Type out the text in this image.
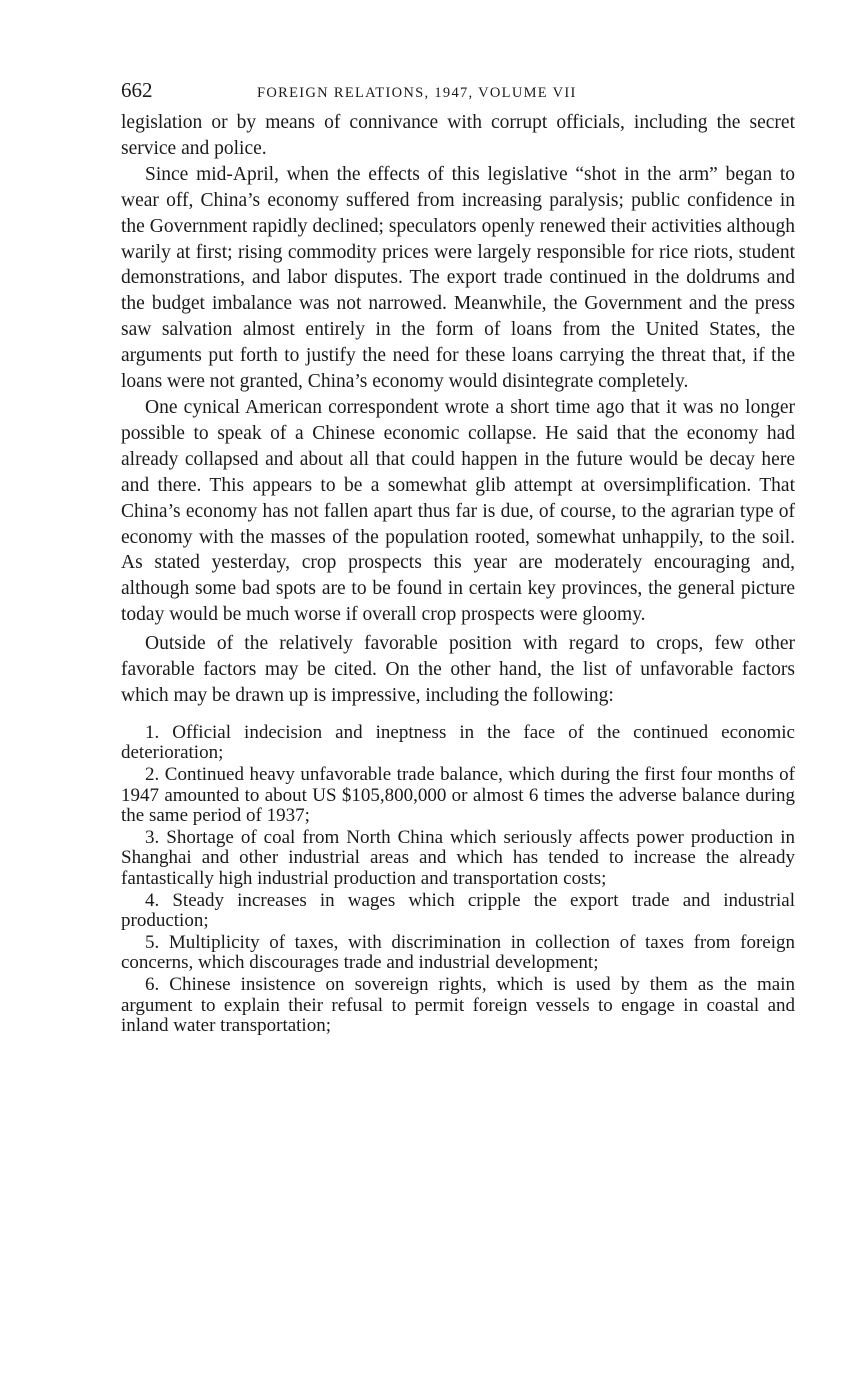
662	FOREIGN RELATIONS, 1947, VOLUME VII

legislation or by means of connivance with corrupt officials, including the secret service and police.

Since mid-April, when the effects of this legislative “shot in the arm” began to wear off, China’s economy suffered from increasing paralysis; public confidence in the Government rapidly declined; speculators openly renewed their activities although warily at first; rising commodity prices were largely responsible for rice riots, student demonstrations, and labor disputes. The export trade continued in the doldrums and the budget imbalance was not narrowed. Meanwhile, the Government and the press saw salvation almost entirely in the form of loans from the United States, the arguments put forth to justify the need for these loans carrying the threat that, if the loans were not granted, China’s economy would disintegrate completely.

One cynical American correspondent wrote a short time ago that it was no longer possible to speak of a Chinese economic collapse. He said that the economy had already collapsed and about all that could happen in the future would be decay here and there. This appears to be a somewhat glib attempt at oversimplification. That China’s economy has not fallen apart thus far is due, of course, to the agrarian type of economy with the masses of the population rooted, somewhat unhappily, to the soil. As stated yesterday, crop prospects this year are moderately encouraging and, although some bad spots are to be found in certain key provinces, the general picture today would be much worse if overall crop prospects were gloomy.

Outside of the relatively favorable position with regard to crops, few other favorable factors may be cited. On the other hand, the list of unfavorable factors which may be drawn up is impressive, including the following:

1. Official indecision and ineptness in the face of the continued economic deterioration;

2. Continued heavy unfavorable trade balance, which during the first four months of 1947 amounted to about US $105,800,000 or almost 6 times the adverse balance during the same period of 1937;

3. Shortage of coal from North China which seriously affects power production in Shanghai and other industrial areas and which has tended to increase the already fantastically high industrial production and transportation costs;

4. Steady increases in wages which cripple the export trade and industrial production;

5. Multiplicity of taxes, with discrimination in collection of taxes from foreign concerns, which discourages trade and industrial development;

6. Chinese insistence on sovereign rights, which is used by them as the main argument to explain their refusal to permit foreign vessels to engage in coastal and inland water transportation;
